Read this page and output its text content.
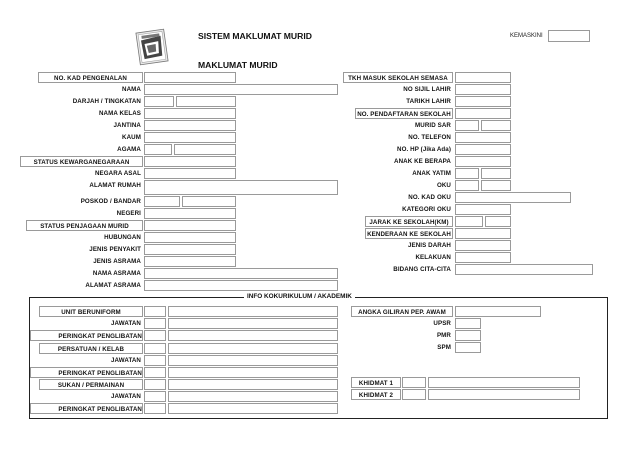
SISTEM MAKLUMAT MURID	KEMASKINI
MAKLUMAT MURID
NO. KAD PENGENALAN
NAMA
DARJAH / TINGKATAN
NAMA KELAS
JANTINA
KAUM
AGAMA
STATUS KEWARGANEGARAAN
NEGARA ASAL
ALAMAT RUMAH
POSKOD / BANDAR
NEGERI
STATUS PENJAGAAN MURID
HUBUNGAN
JENIS PENYAKIT
JENIS ASRAMA
NAMA ASRAMA
ALAMAT ASRAMA
TKH MASUK SEKOLAH SEMASA
NO SIJIL LAHIR
TARIKH LAHIR
NO. PENDAFTARAN SEKOLAH
MURID SAR
NO. TELEFON
NO. HP (Jika Ada)
ANAK KE BERAPA
ANAK YATIM
OKU
NO. KAD OKU
KATEGORI OKU
JARAK KE SEKOLAH(KM)
KENDERAAN KE SEKOLAH
JENIS DARAH
KELAKUAN
BIDANG CITA-CITA
INFO KOKURIKULUM / AKADEMIK
UNIT BERUNIFORM
JAWATAN
PERINGKAT PENGLIBATAN
PERSATUAN / KELAB
JAWATAN
PERINGKAT PENGLIBATAN
SUKAN / PERMAINAN
JAWATAN
PERINGKAT PENGLIBATAN
ANGKA GILIRAN PEP. AWAM
UPSR
PMR
SPM
KHIDMAT 1
KHIDMAT 2
